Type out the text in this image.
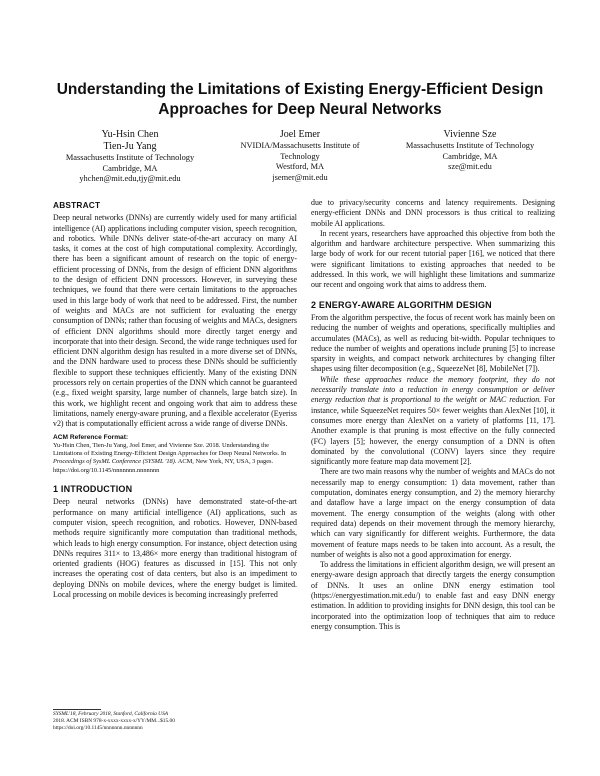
Understanding the Limitations of Existing Energy-Efficient Design Approaches for Deep Neural Networks
Yu-Hsin Chen
Tien-Ju Yang
Massachusetts Institute of Technology
Cambridge, MA
yhchen@mit.edu,tjy@mit.edu
Joel Emer
NVIDIA/Massachusetts Institute of Technology
Westford, MA
jsemer@mit.edu
Vivienne Sze
Massachusetts Institute of Technology
Cambridge, MA
sze@mit.edu
ABSTRACT

Deep neural networks (DNNs) are currently widely used for many artificial intelligence (AI) applications including computer vision, speech recognition, and robotics. While DNNs deliver state-of-the-art accuracy on many AI tasks, it comes at the cost of high computational complexity. Accordingly, there has been a significant amount of research on the topic of energy-efficient processing of DNNs, from the design of efficient DNN algorithms to the design of efficient DNN processors. However, in surveying these techniques, we found that there were certain limitations to the approaches used in this large body of work that need to be addressed. First, the number of weights and MACs are not sufficient for evaluating the energy consumption of DNNs; rather than focusing of weights and MACs, designers of efficient DNN algorithms should more directly target energy and incorporate that into their design. Second, the wide range techniques used for efficient DNN algorithm design has resulted in a more diverse set of DNNs, and the DNN hardware used to process these DNNs should be sufficiently flexible to support these techniques efficiently. Many of the existing DNN processors rely on certain properties of the DNN which cannot be guaranteed (e.g., fixed weight sparsity, large number of channels, large batch size). In this work, we highlight recent and ongoing work that aim to address these limitations, namely energy-aware pruning, and a flexible accelerator (Eyeriss v2) that is computationally efficient across a wide range of diverse DNNs.

ACM Reference Format:
Yu-Hsin Chen, Tien-Ju Yang, Joel Emer, and Vivienne Sze. 2018. Understanding the Limitations of Existing Energy-Efficient Design Approaches for Deep Neural Networks. In Proceedings of SysML Conference (SYSML '18). ACM, New York, NY, USA, 3 pages. https://doi.org/10.1145/nnnnnnn.nnnnnnn
1 INTRODUCTION

Deep neural networks (DNNs) have demonstrated state-of-the-art performance on many artificial intelligence (AI) applications, such as computer vision, speech recognition, and robotics. However, DNN-based methods require significantly more computation than traditional methods, which leads to high energy consumption. For instance, object detection using DNNs requires 311× to 13,486× more energy than traditional histogram of oriented gradients (HOG) features as discussed in [15]. This not only increases the operating cost of data centers, but also is an impediment to deploying DNNs on mobile devices, where the energy budget is limited. Local processing on mobile devices is becoming increasingly preferred

SYSML'18, February 2018, Stanford, California USA
2018. ACM ISBN 978-x-xxxx-xxxx-x/YY/MM...$15.00
https://doi.org/10.1145/nnnnnnn.nnnnnnn

due to privacy/security concerns and latency requirements. Designing energy-efficient DNNs and DNN processors is thus critical to realizing mobile AI applications.

In recent years, researchers have approached this objective from both the algorithm and hardware architecture perspective. When summarizing this large body of work for our recent tutorial paper [16], we noticed that there were significant limitations to existing approaches that needed to be addressed. In this work, we will highlight these limitations and summarize our recent and ongoing work that aims to address them.

2 ENERGY-AWARE ALGORITHM DESIGN

From the algorithm perspective, the focus of recent work has mainly been on reducing the number of weights and operations, specifically multiplies and accumulates (MACs), as well as reducing bit-width. Popular techniques to reduce the number of weights and operations include pruning [5] to increase sparsity in weights, and compact network architectures by changing filter shapes using filter decomposition (e.g., SqueezeNet [8], MobileNet [7]).

While these approaches reduce the memory footprint, they do not necessarily translate into a reduction in energy consumption or deliver energy reduction that is proportional to the weight or MAC reduction. For instance, while SqueezeNet requires 50× fewer weights than AlexNet [10], it consumes more energy than AlexNet on a variety of platforms [11, 17]. Another example is that pruning is most effective on the fully connected (FC) layers [5]; however, the energy consumption of a DNN is often dominated by the convolutional (CONV) layers since they require significantly more feature map data movement [2].

There are two main reasons why the number of weights and MACs do not necessarily map to energy consumption: 1) data movement, rather than computation, dominates energy consumption, and 2) the memory hierarchy and dataflow have a large impact on the energy consumption of data movement. The energy consumption of the weights (along with other required data) depends on their movement through the memory hierarchy, which can vary significantly for different weights. Furthermore, the data movement of feature maps needs to be taken into account. As a result, the number of weights is also not a good approximation for energy.

To address the limitations in efficient algorithm design, we will present an energy-aware design approach that directly targets the energy consumption of DNNs. It uses an online DNN energy estimation tool (https://energyestimation.mit.edu/) to enable fast and easy DNN energy estimation. In addition to providing insights for DNN design, this tool can be incorporated into the optimization loop of techniques that aim to reduce energy consumption. This is
